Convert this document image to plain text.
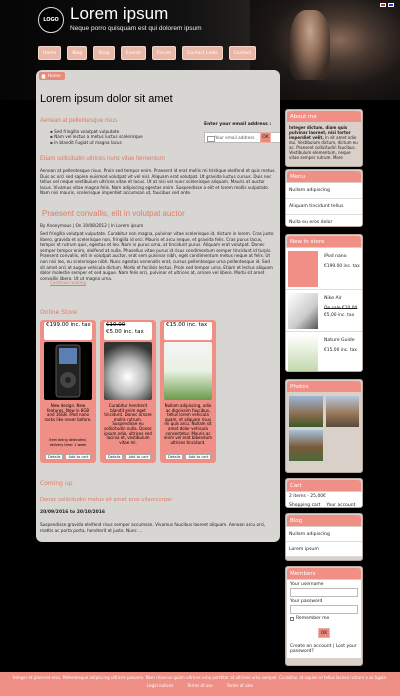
LOGO Lorem ipsum
Neque porro quisquam est qui dolorem ipsum
Home	Blog	Shop	Events	Forum	Contact Links	Contact
Home
Lorem ipsum dolor sit amet
Aenean at pellentesque risus
▪ Sed fringilla volutpat vulputate
▪ Nam vel lectus a metus luctus scelerisque
▪ In blandit Fugiat ut magna lacus
Enter your email address :
Your email address	OK
Etiam sollicitudin ultrices nunc vitae fermentum
Aenean at pellentesque risus. Proin sed tempor enim. Praesent id erat mollis mi tristique eleifend et quis metus. Duis ac orci sed sapien euismod volutpat vit vel nisl. Aliquam erat volutpat. Ut gravida luctus cursus. Duis nec tellus vel neque vestibulum ultrices vitae et lacus. Ut at nisi vel nunc scelerisque aliquam. Mauris at auctor lacus. Vivamus vitae magna felis. Nam adipiscing egestas enim. Suspendisse a elit et lorem mollis vulputate. Nam nisi mauris, scelerisque imperdiet accumsan ut, faucibus sed ante.
Praesent convallis, elit in volutpat auctor
By Anonymous | On 10/08/2012 | In Lorem ipsum
Sed fringilla volutpat vulputate. Curabitur non magna, pulvinar vitae scelerisque id, dictum in lorem. Cras justo libero, gravida et scelerisque non, fringilla id orci. Mauris et arcu neque, et gravida felis. Cras purus lacus, tempor et rutrum quis, egestas et leo. Nam in purus urna, at tincidunt purus. Aliquam erat volutpat. Donec semper tempor enim, eleifend at nulla. Phasellus vitae purus id risus condimentum semper tincidunt id turpis. Praesent convallis, elit in volutpat auctor, erat sem pulvinar nibh, eget condimentum metus neque at felis. Ut non nisi leo, eu scelerisque nibh. Nunc egestas venenatis erat, cursus pellentesque urna pellentesque id. Sed sit amet orci at augue vehicula dictum. Morbi et facilisis lectus. Proin sed tempor urna. Etiam et lectus aliquam dolor molestie semper et sed augue. Nam felis orci, pulvinar et ultrices at, ornare vel libero. Morbi sit amet convallis libero. Ut ut magna urna.
Continue reading
Online Store
€199.00 inc. tax
New design. New features. Now in 8GB and 16GB. iPod nano rocks like never before.
Item being dedicated, delivery time: 1 week
Details	Add to cart
€10.00
€5.00 inc. tax
Curabitur hendrerit blandit enim eget tincidunt. Donec ornare mollis rutrum. Suspendisse eu sollicitudin nulla. Donec ipsum odio, ultrices sed lacinia et, vestibulum vitae mi.
Details	Add to cart
€15.00 inc. tax
Nullam adipiscing, odio ac dignissim faucibus, tellus lorem vehicula quam, et aliquam risus mi quis arcu. Nullam sit amet dolor vehicula consectetur. Mauris ac enim vel erat bibendum ultrices tincidunt.
Details	Add to cart
Coming up
Donec sollicitudin metus sit amet eros ullamcorper
20/09/2016 to 20/10/2016
Suspendisse gravida eleifend risus semper accumsan. Vivamus faucibus laoreet aliquam. Aenean arcu orci, mattis ac porta porta, hendrerit et justo. Nunc ...
About me
Integer dictum, diam quis pulvinar laoreet, nisi tortor imperdiet velit, In sit amet odio dui. Vestibulum dictum, dictum eu ac. Praesent sollicitudin faucibus. Vestibulum elementum, neque vitae semper rutrum. More
Menu
Nullam adipiscing
Aliquam tincidunt tellus
Nulla eu eros dolor
New in store
iPod nano
€199.00 inc. tax
Nike Air
On sale €10,00
€5,00 inc. tax
Nature Guide
€15,00 inc. tax
Photos
Cart
2 items - 25,00€
Shopping cart Your account
Blog
Nullam adipiscing
Lorem ipsum
Members
Your username
Your password
Remember me
OK
Create an account | Lost your password?
Integer et placerat eros. Pellentesque adipiscing ultrices posuere. Nam rhoncus quam ultrices urna porttitor at ultrices urna semper. Curabitur at sapien id tellus lacinia rutrum a ac ligula.
Legal notices	Terms of use	Terms of sale
